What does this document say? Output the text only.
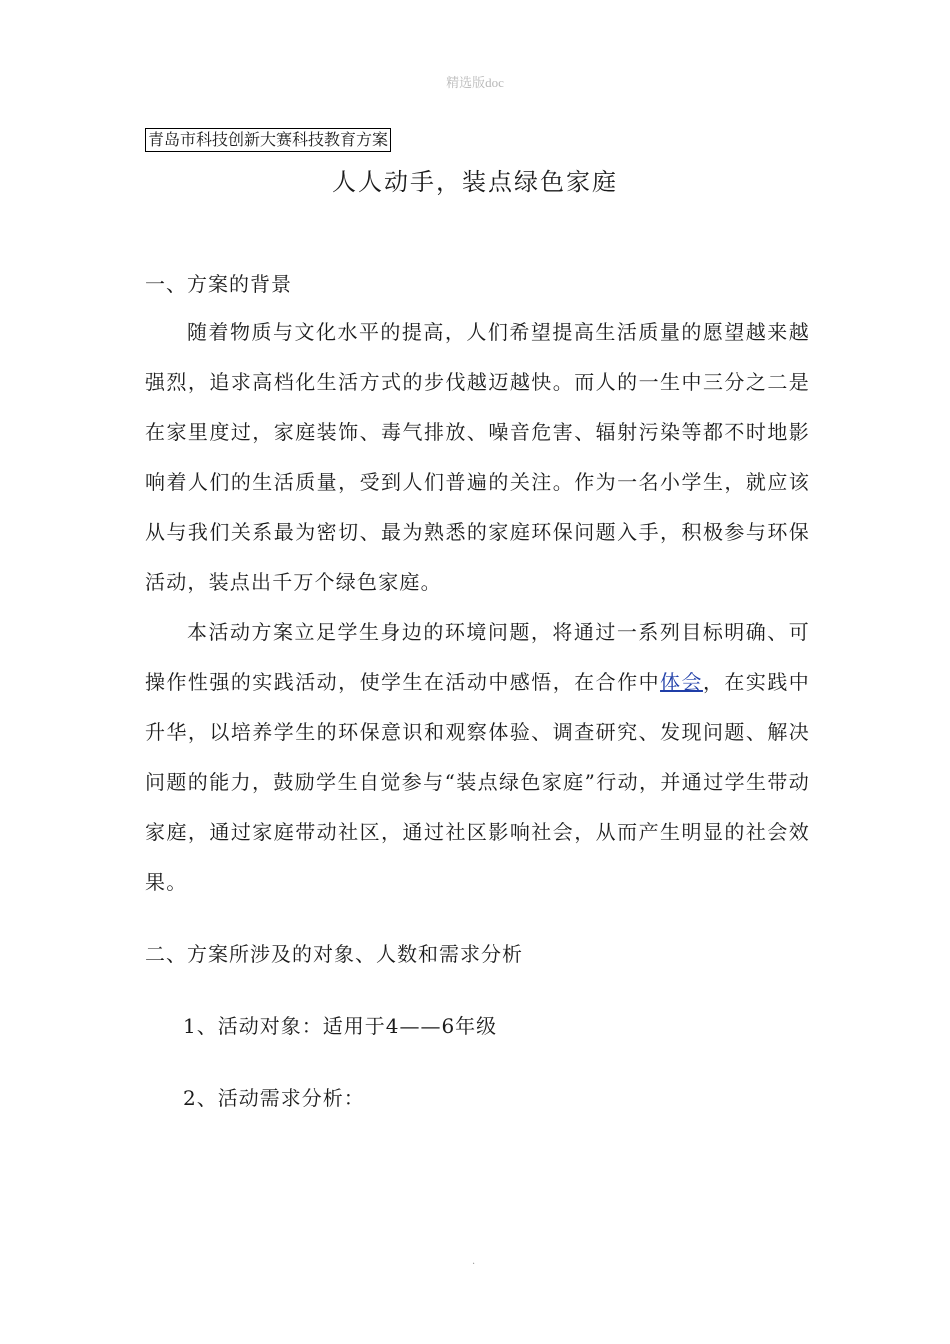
精选版doc
青岛市科技创新大赛科技教育方案
人人动手，装点绿色家庭
一、方案的背景
随着物质与文化水平的提高，人们希望提高生活质量的愿望越来越强烈，追求高档化生活方式的步伐越迈越快。而人的一生中三分之二是在家里度过，家庭装饰、毒气排放、噪音危害、辐射污染等都不时地影响着人们的生活质量，受到人们普遍的关注。作为一名小学生，就应该从与我们关系最为密切、最为熟悉的家庭环保问题入手，积极参与环保活动，装点出千万个绿色家庭。
本活动方案立足学生身边的环境问题，将通过一系列目标明确、可操作性强的实践活动，使学生在活动中感悟，在合作中体会，在实践中升华，以培养学生的环保意识和观察体验、调查研究、发现问题、解决问题的能力，鼓励学生自觉参与“装点绿色家庭”行动，并通过学生带动家庭，通过家庭带动社区，通过社区影响社会，从而产生明显的社会效果。
二、方案所涉及的对象、人数和需求分析
1、活动对象：适用于4——6年级
2、活动需求分析：
.
